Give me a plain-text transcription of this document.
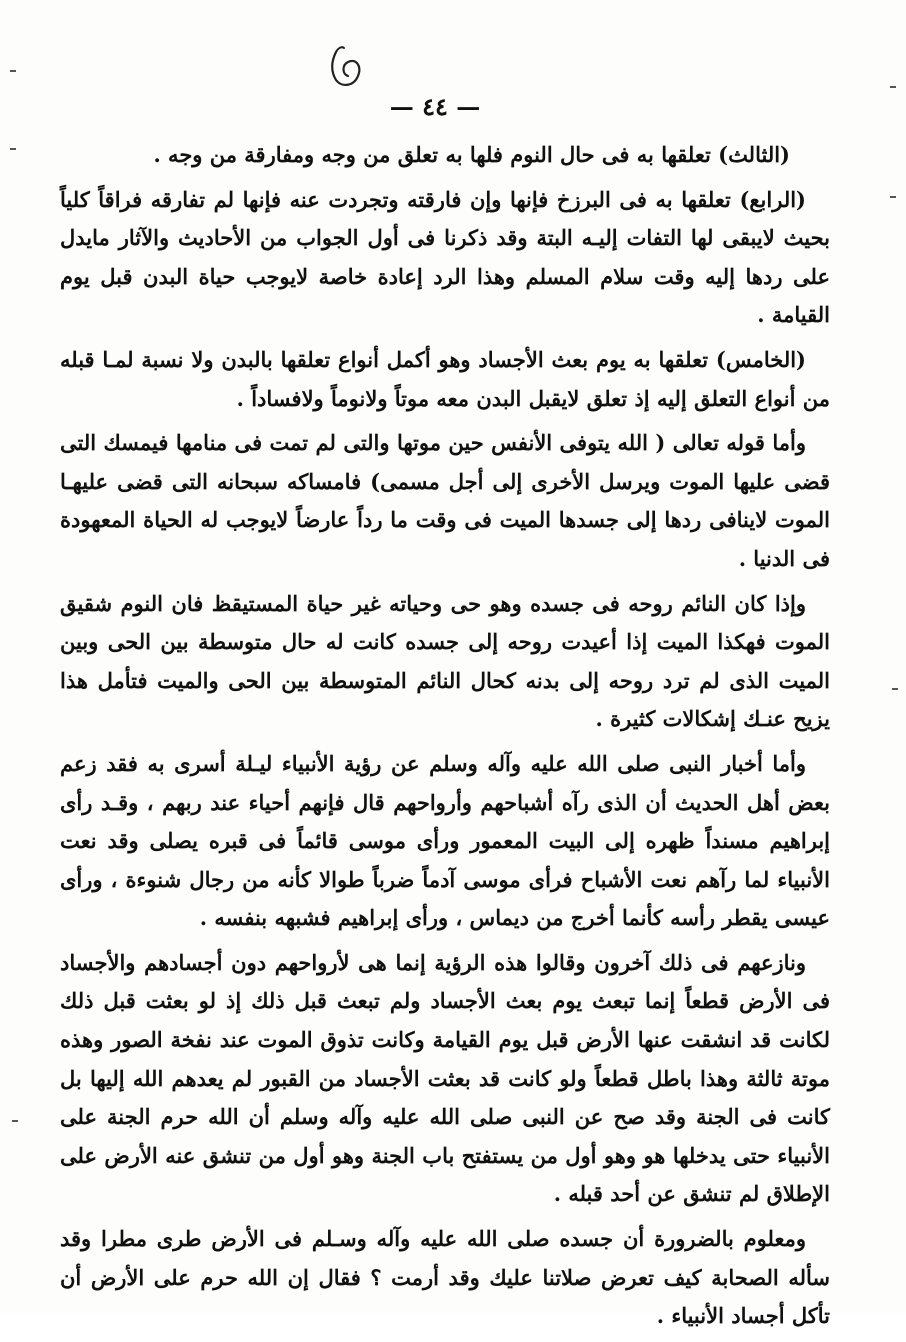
— ٤٤ —

(الثالث) تعلقها به فى حال النوم فلها به تعلق من وجه ومفارقة من وجه .

(الرابع) تعلقها به فى البرزخ فإنها وإن فارقته وتجردت عنه فإنها لم تفارقه فراقاً كلياً بحيث لايبقى لها التفات إليـه البتة وقد ذكرنا فى أول الجواب من الأحاديث والآثار مايدل على ردها إليه وقت سلام المسلم وهذا الرد إعادة خاصة لايوجب حياة البدن قبل يوم القيامة .

(الخامس) تعلقها به يوم بعث الأجساد وهو أكمل أنواع تعلقها بالبدن ولا نسبة لمـا قبله من أنواع التعلق إليه إذ تعلق لايقبل البدن معه موتاً ولانوماً ولافساداً .

وأما قوله تعالى ( الله يتوفى الأنفس حين موتها والتى لم تمت فى منامها فيمسك التى قضى عليها الموت ويرسل الأخرى إلى أجل مسمى) فامساكه سبحانه التى قضى عليهـا الموت لاينافى ردها إلى جسدها الميت فى وقت ما رداً عارضاً لايوجب له الحياة المعهودة فى الدنيا .

وإذا كان النائم روحه فى جسده وهو حى وحياته غير حياة المستيقظ فان النوم شقيق الموت فهكذا الميت إذا أعيدت روحه إلى جسده كانت له حال متوسطة بين الحى وبين الميت الذى لم ترد روحه إلى بدنه كحال النائم المتوسطة بين الحى والميت فتأمل هذا يزيح عنـك إشكالات كثيرة .

وأما أخبار النبى صلى الله عليه وآله وسلم عن رؤية الأنبياء ليـلة أسرى به فقد زعم بعض أهل الحديث أن الذى رآه أشباحهم وأرواحهم قال فإنهم أحياء عند ربهم ، وقـد رأى إبراهيم مسنداً ظهره إلى البيت المعمور ورأى موسى قائماً فى قبره يصلى وقد نعت الأنبياء لما رآهم نعت الأشباح فرأى موسى آدماً ضرباً طوالا كأنه من رجال شنوءة ، ورأى عيسى يقطر رأسه كأنما أخرج من ديماس ، ورأى إبراهيم فشبهه بنفسه .

ونازعهم فى ذلك آخرون وقالوا هذه الرؤية إنما هى لأرواحهم دون أجسادهم والأجساد فى الأرض قطعاً إنما تبعث يوم بعث الأجساد ولم تبعث قبل ذلك إذ لو بعثت قبل ذلك لكانت قد انشقت عنها الأرض قبل يوم القيامة وكانت تذوق الموت عند نفخة الصور وهذه موتة ثالثة وهذا باطل قطعاً ولو كانت قد بعثت الأجساد من القبور لم يعدهم الله إليها بل كانت فى الجنة وقد صح عن النبى صلى الله عليه وآله وسلم أن الله حرم الجنة على الأنبياء حتى يدخلها هو وهو أول من يستفتح باب الجنة وهو أول من تنشق عنه الأرض على الإطلاق لم تنشق عن أحد قبله .

ومعلوم بالضرورة أن جسده صلى الله عليه وآله وسـلم فى الأرض طرى مطرا وقد سأله الصحابة كيف تعرض صلاتنا عليك وقد أرمت ؟ فقال إن الله حرم على الأرض أن تأكل أجساد الأنبياء .
